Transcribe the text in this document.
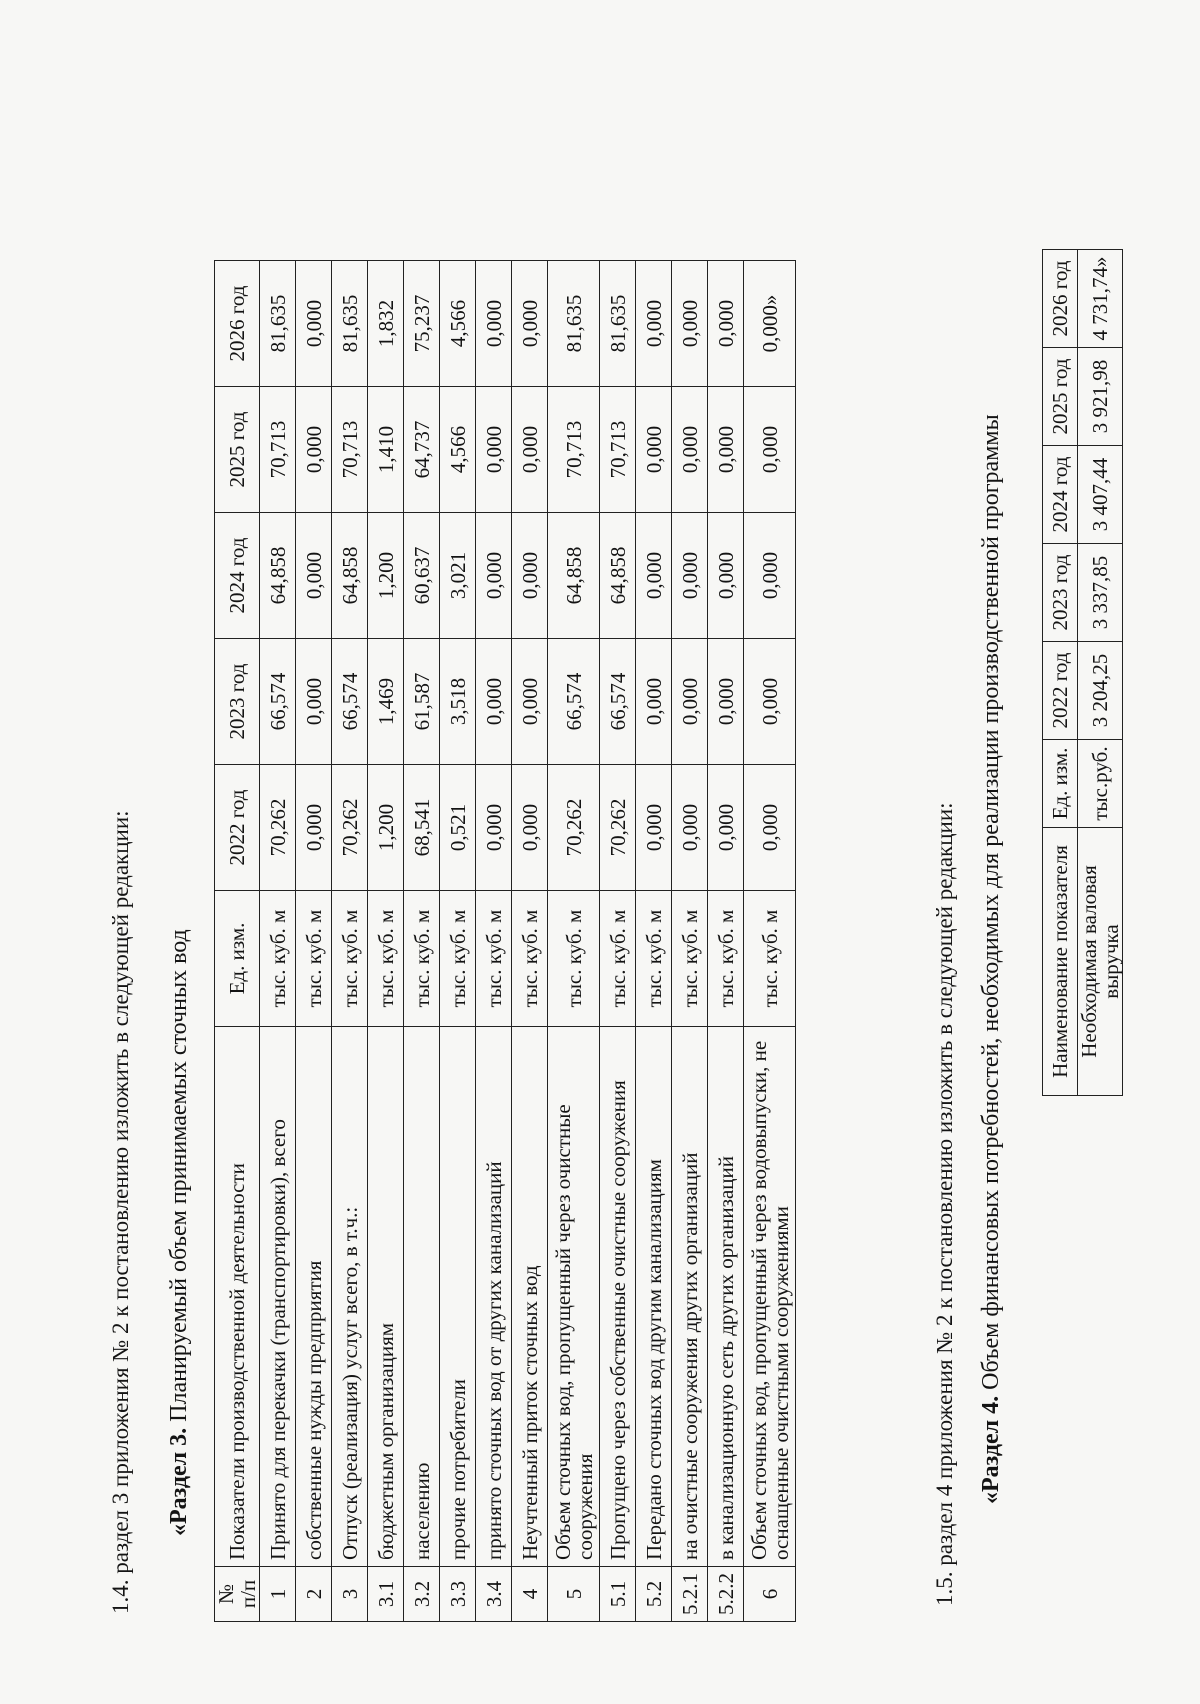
1.4. раздел 3 приложения № 2 к постановлению изложить в следующей редакции: «Раздел 3. Планируемый объем принимаемых сточных вод
№ п/п	Показатели производственной деятельности	Ед. изм.	2022 год	2023 год	2024 год	2025 год	2026 год
1	Принято для перекачки (транспортировки), всего	тыс. куб. м	70,262	66,574	64,858	70,713	81,635
2	собственные нужды предприятия	тыс. куб. м	0,000	0,000	0,000	0,000	0,000
3	Отпуск (реализация) услуг всего, в т.ч.:	тыс. куб. м	70,262	66,574	64,858	70,713	81,635
3.1	бюджетным организациям	тыс. куб. м	1,200	1,469	1,200	1,410	1,832
3.2	населению	тыс. куб. м	68,541	61,587	60,637	64,737	75,237
3.3	прочие потребители	тыс. куб. м	0,521	3,518	3,021	4,566	4,566
3.4	принято сточных вод от других канализаций	тыс. куб. м	0,000	0,000	0,000	0,000	0,000
4	Неучтенный приток сточных вод	тыс. куб. м	0,000	0,000	0,000	0,000	0,000
5	Объем сточных вод, пропущенный через очистные сооружения	тыс. куб. м	70,262	66,574	64,858	70,713	81,635
5.1	Пропущено через собственные очистные сооружения	тыс. куб. м	70,262	66,574	64,858	70,713	81,635
5.2	Передано сточных вод другим канализациям	тыс. куб. м	0,000	0,000	0,000	0,000	0,000
5.2.1	на очистные сооружения других организаций	тыс. куб. м	0,000	0,000	0,000	0,000	0,000
5.2.2	в канализационную сеть других организаций	тыс. куб. м	0,000	0,000	0,000	0,000	0,000
6	Объем сточных вод, пропущенный через водовыпуски, не оснащенные очистными сооружениями	тыс. куб. м	0,000	0,000	0,000	0,000	0,000»
1.5. раздел 4 приложения № 2 к постановлению изложить в следующей редакции: «Раздел 4. Объем финансовых потребностей, необходимых для реализации производственной программы Наименование показателя	Ед. изм.	2022 год	2023 год	2024 год	2025 год	2026 год
Необходимая валовая выручка	тыс.руб.	3 204,25	3 337,85	3 407,44	3 921,98	4 731,74»
